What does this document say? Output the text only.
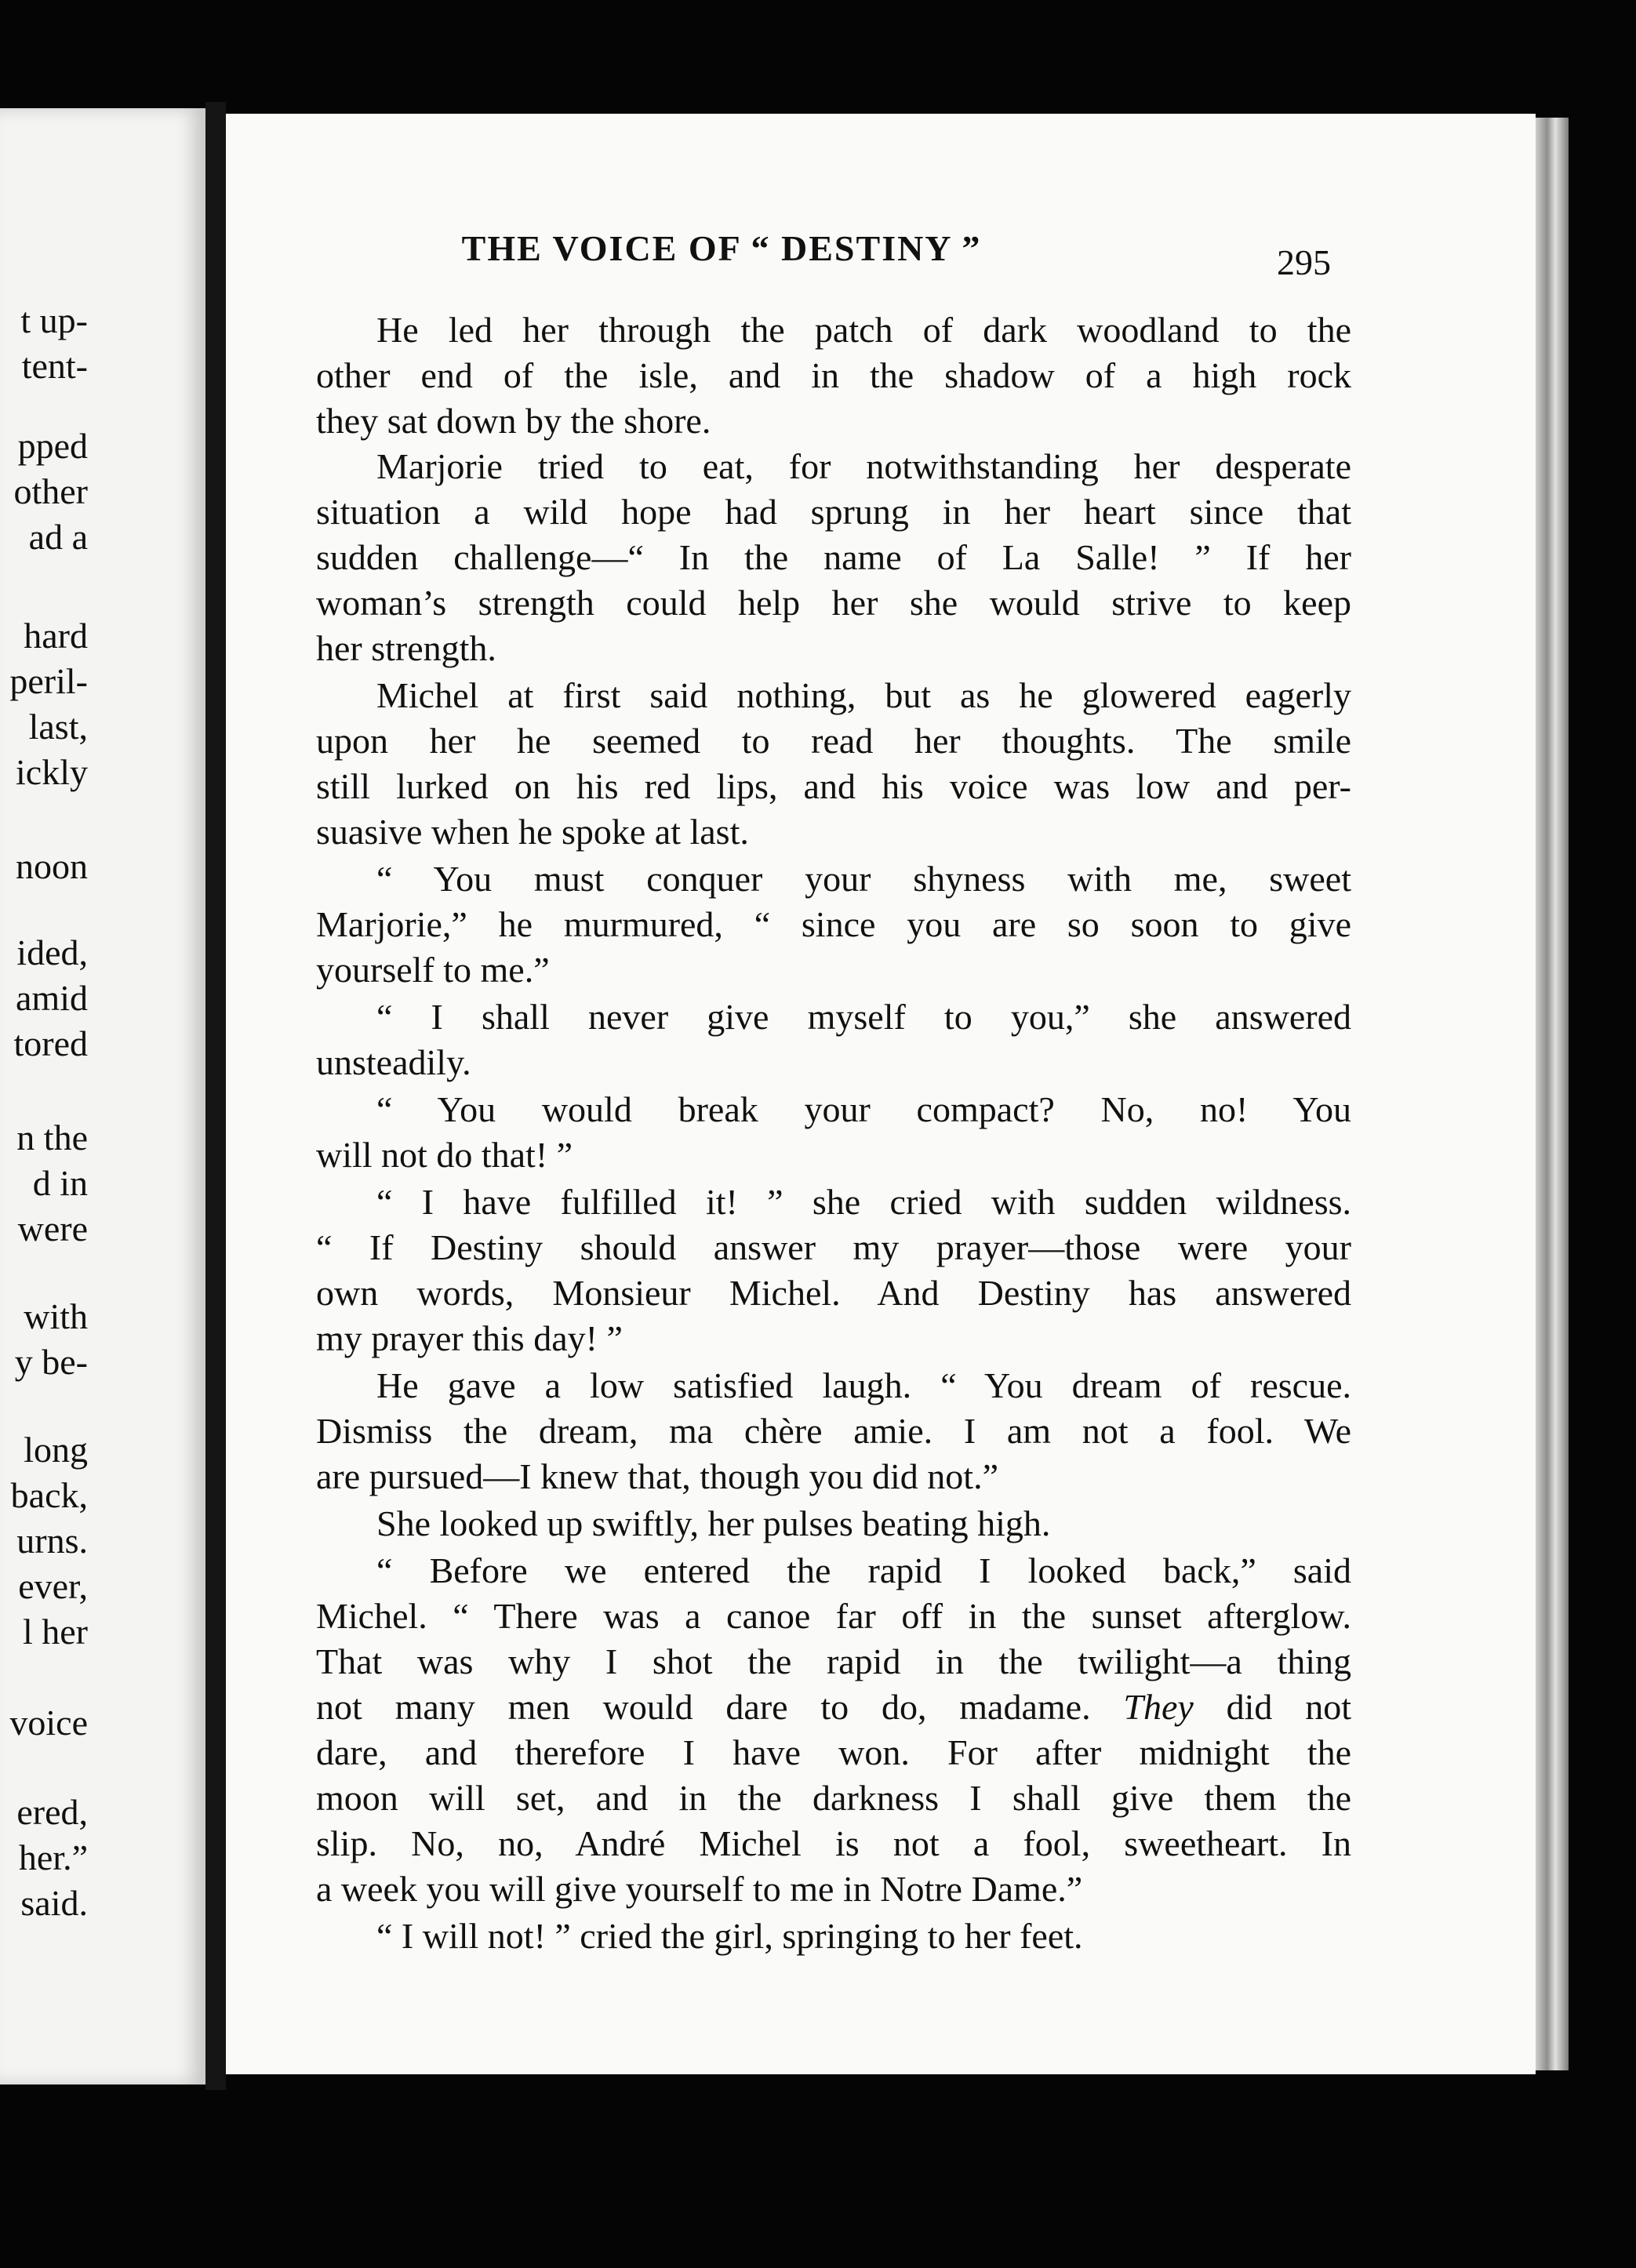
t up-
tent-
pped
other
ad a
hard
peril-
last,
ickly
noon
ided,
amid
tored
n the
d in
were
with
y be-
long
back,
urns.
ever,
l her
voice
ered,
her.”
said.
THE VOICE OF “ DESTINY ”	295
He led her through the patch of dark woodland to the
other end of the isle, and in the shadow of a high rock
they sat down by the shore.
Marjorie tried to eat, for notwithstanding her desperate
situation a wild hope had sprung in her heart since that
sudden challenge—“ In the name of La Salle! ” If her
woman’s strength could help her she would strive to keep
her strength.
Michel at first said nothing, but as he glowered eagerly
upon her he seemed to read her thoughts. The smile
still lurked on his red lips, and his voice was low and per-
suasive when he spoke at last.
“ You must conquer your shyness with me, sweet
Marjorie,” he murmured, “ since you are so soon to give
yourself to me.”
“ I shall never give myself to you,” she answered
unsteadily.
“ You would break your compact? No, no! You
will not do that! ”
“ I have fulfilled it! ” she cried with sudden wildness.
“ If Destiny should answer my prayer—those were your
own words, Monsieur Michel. And Destiny has answered
my prayer this day! ”
He gave a low satisfied laugh. “ You dream of rescue.
Dismiss the dream, ma chère amie. I am not a fool. We
are pursued—I knew that, though you did not.”
She looked up swiftly, her pulses beating high.
“ Before we entered the rapid I looked back,” said
Michel. “ There was a canoe far off in the sunset afterglow.
That was why I shot the rapid in the twilight—a thing
not many men would dare to do, madame. They did not
dare, and therefore I have won. For after midnight the
moon will set, and in the darkness I shall give them the
slip. No, no, André Michel is not a fool, sweetheart. In
a week you will give yourself to me in Notre Dame.”
“ I will not! ” cried the girl, springing to her feet.
